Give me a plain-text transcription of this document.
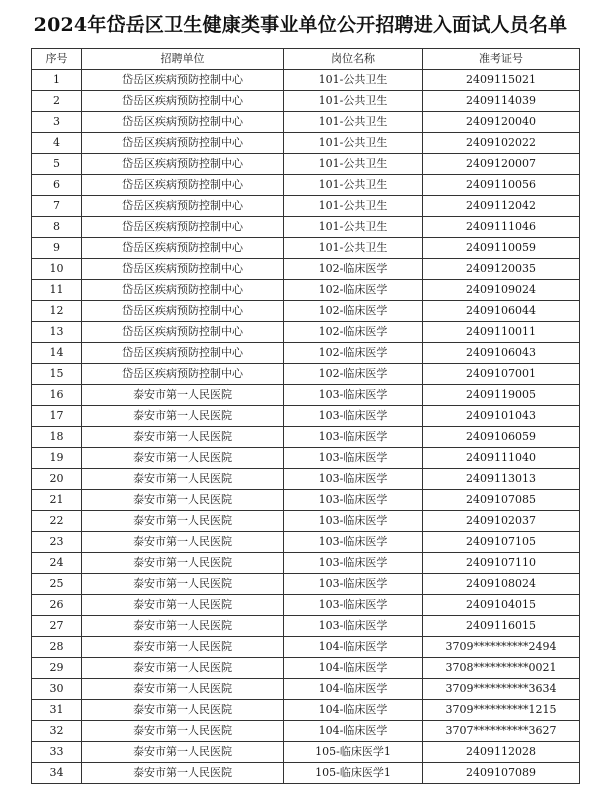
2024年岱岳区卫生健康类事业单位公开招聘进入面试人员名单
序号	招聘单位	岗位名称	准考证号
1	岱岳区疾病预防控制中心	101-公共卫生	2409115021
2	岱岳区疾病预防控制中心	101-公共卫生	2409114039
3	岱岳区疾病预防控制中心	101-公共卫生	2409120040
4	岱岳区疾病预防控制中心	101-公共卫生	2409102022
5	岱岳区疾病预防控制中心	101-公共卫生	2409120007
6	岱岳区疾病预防控制中心	101-公共卫生	2409110056
7	岱岳区疾病预防控制中心	101-公共卫生	2409112042
8	岱岳区疾病预防控制中心	101-公共卫生	2409111046
9	岱岳区疾病预防控制中心	101-公共卫生	2409110059
10	岱岳区疾病预防控制中心	102-临床医学	2409120035
11	岱岳区疾病预防控制中心	102-临床医学	2409109024
12	岱岳区疾病预防控制中心	102-临床医学	2409106044
13	岱岳区疾病预防控制中心	102-临床医学	2409110011
14	岱岳区疾病预防控制中心	102-临床医学	2409106043
15	岱岳区疾病预防控制中心	102-临床医学	2409107001
16	泰安市第一人民医院	103-临床医学	2409119005
17	泰安市第一人民医院	103-临床医学	2409101043
18	泰安市第一人民医院	103-临床医学	2409106059
19	泰安市第一人民医院	103-临床医学	2409111040
20	泰安市第一人民医院	103-临床医学	2409113013
21	泰安市第一人民医院	103-临床医学	2409107085
22	泰安市第一人民医院	103-临床医学	2409102037
23	泰安市第一人民医院	103-临床医学	2409107105
24	泰安市第一人民医院	103-临床医学	2409107110
25	泰安市第一人民医院	103-临床医学	2409108024
26	泰安市第一人民医院	103-临床医学	2409104015
27	泰安市第一人民医院	103-临床医学	2409116015
28	泰安市第一人民医院	104-临床医学	3709**********2494
29	泰安市第一人民医院	104-临床医学	3708**********0021
30	泰安市第一人民医院	104-临床医学	3709**********3634
31	泰安市第一人民医院	104-临床医学	3709**********1215
32	泰安市第一人民医院	104-临床医学	3707**********3627
33	泰安市第一人民医院	105-临床医学1	2409112028
34	泰安市第一人民医院	105-临床医学1	2409107089
